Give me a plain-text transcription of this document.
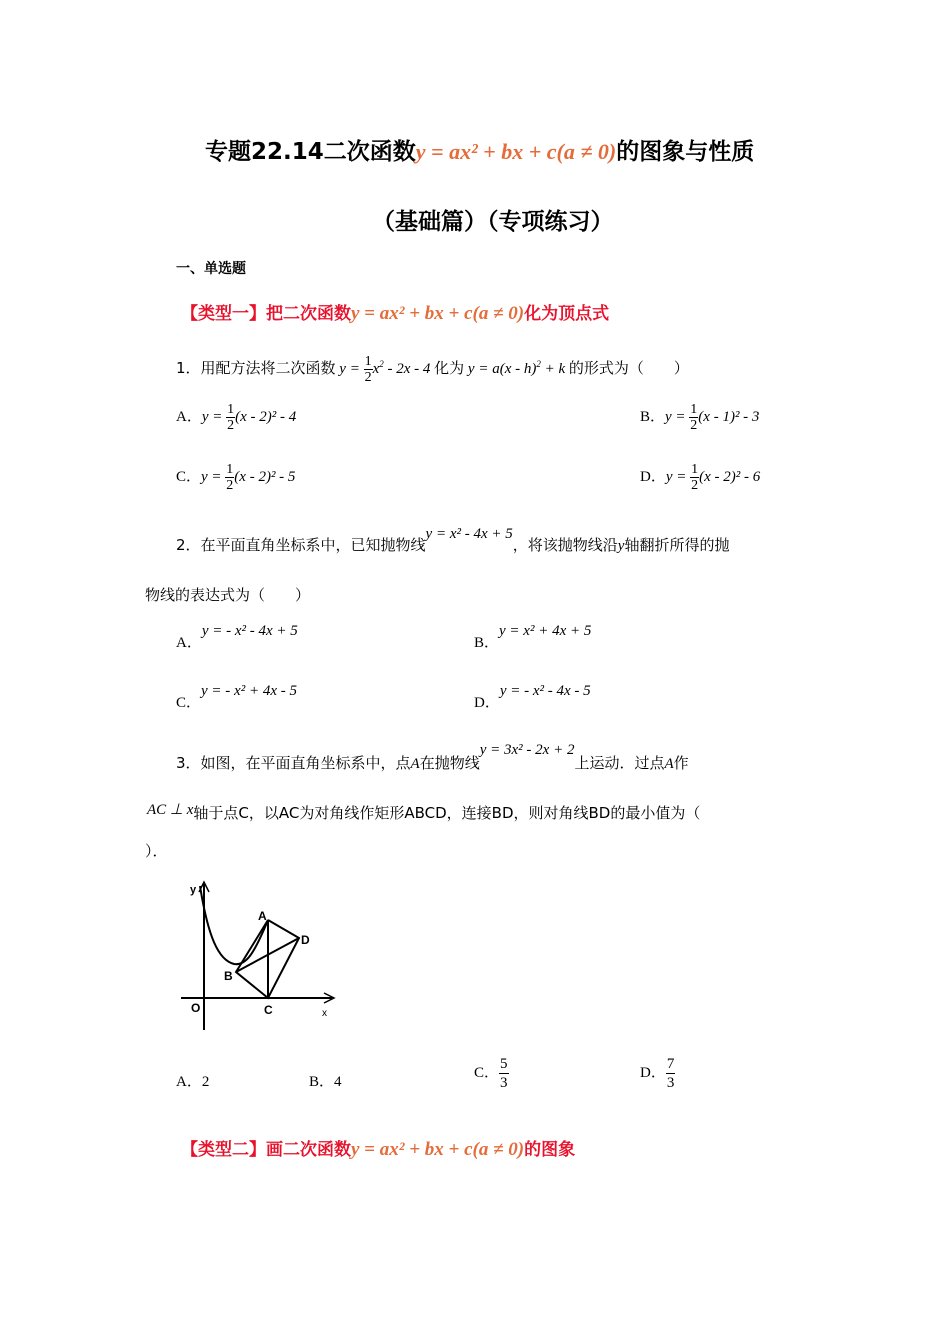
专题22.14二次函数y = ax² + bx + c(a ≠ 0)的图象与性质
（基础篇）（专项练习）
一、单选题
【类型一】把二次函数y = ax² + bx + c(a ≠ 0)化为顶点式
1．用配方法将二次函数 $y = \frac{1}{2} x^2 - 2x - 4$ 化为 y = a(x - h)$^2$ + k 的形式为（　　）
A．$y = \frac{1}{2} (x - 2)^2 - 4$	B．$y = \frac{1}{2} (x - 1)^2 - 3$
C．$y = \frac{1}{2} (x - 2)^2 - 5$	D．$y = \frac{1}{2} (x - 2)^2 - 6$
2．在平面直角坐标系中，已知抛物线y = x² - 4x + 5，将该抛物线沿y轴翻折所得的抛
物线的表达式为（　　）
A．y = - x² - 4x + 5
B．y = x² + 4x + 5
C．y = - x² + 4x - 5
D．y = - x² - 4x - 5
3．如图，在平面直角坐标系中，点A在抛物线y = 3x² - 2x + 2上运动．过点A作
AC ⊥ x轴于点C，以AC为对角线作矩形ABCD，连接BD，则对角线BD的最小值为（
）．
y
O	x
A
B
C
D
A．2	B．4
C． $\frac{5}{3}$	D． $\frac{7}{3}$
【类型二】画二次函数y = ax² + bx + c(a ≠ 0)的图象
